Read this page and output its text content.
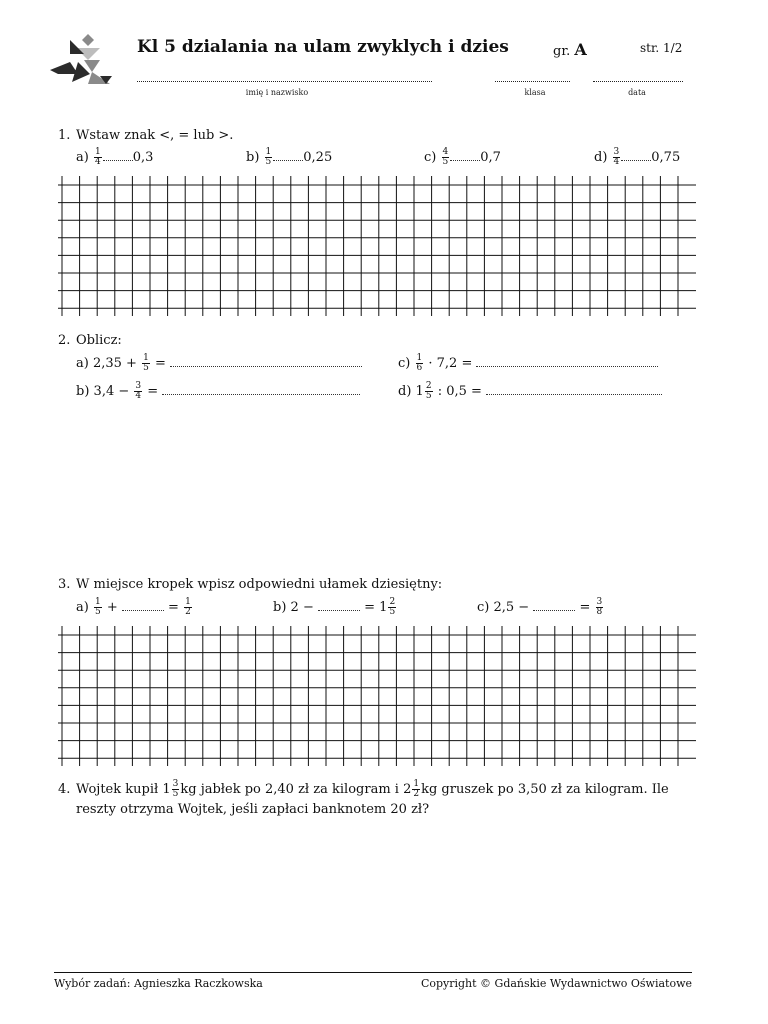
Kl 5 dzialania na ulam zwyklych i dzies	gr. A	str. 1/2
imię i nazwisko	klasa	data
1. Wstaw znak <, = lub >.
$a) \frac{1}{4} 0,3$	$b) \frac{1}{5} 0,25$	$c) \frac{4}{5} 0,7$	$d) \frac{3}{4} 0,75$
2. Oblicz:
a) $2,35 + \frac{1}{5}$ =
b) $3,4 - \frac{3}{4}$ =
$c) \frac{1}{6} \cdot 7,2$ =
d) $1 \frac{2}{5}$ : 0,5 =
3. W miejsce kropek wpisz odpowiedni ułamek dziesiętny:
$a) \frac{1}{5}$ +	= $\frac{1}{2}$	b) 2 −	= $1 \frac{2}{5}$	c) 2,5 −	= $\frac{3}{8}$
4. Wojtek kupił $1 \frac{3}{5}$ kg jabłek po 2,40 zł za kilogram i $2 \frac{1}{2}$ kg gruszek po 3,50 zł za kilogram. Ile
reszty otrzyma Wojtek, jeśli zapłaci banknotem 20 zł?
Wybór zadań: Agnieszka Raczkowska	Copyright © Gdańskie Wydawnictwo Oświatowe
